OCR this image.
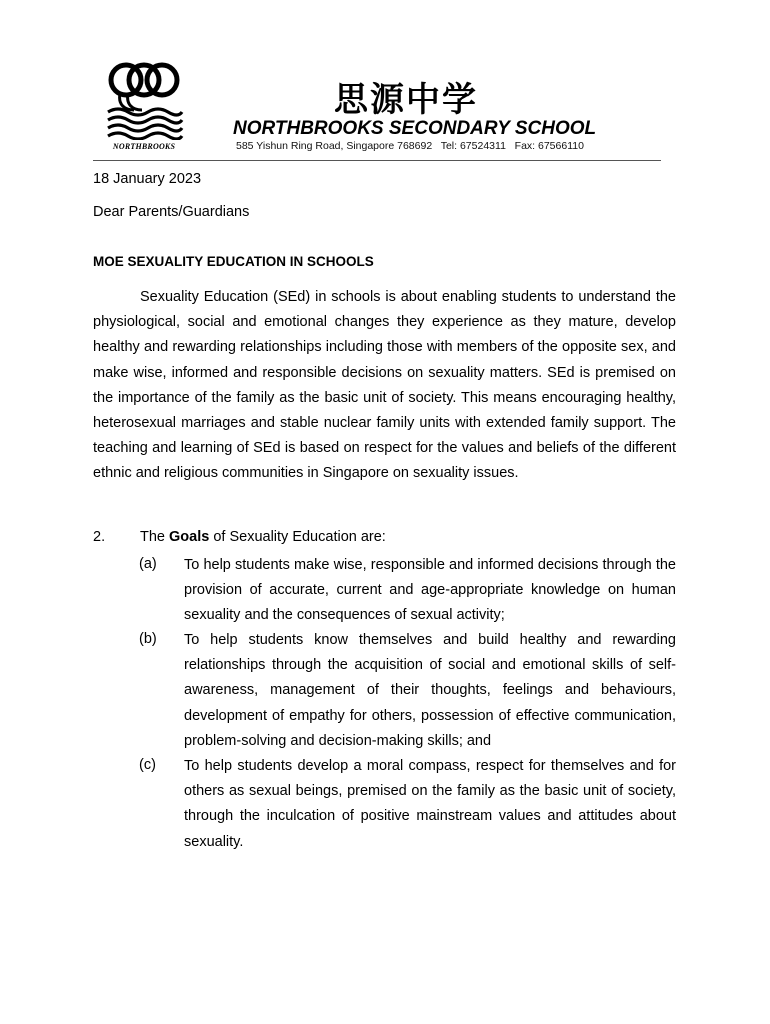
NORTHBROOKS
思源中学
NORTHBROOKS SECONDARY SCHOOL
585 Yishun Ring Road, Singapore 768692   Tel: 67524311   Fax: 67566110
18 January 2023
Dear Parents/Guardians
MOE SEXUALITY EDUCATION IN SCHOOLS

Sexuality Education (SEd) in schools is about enabling students to understand the physiological, social and emotional changes they experience as they mature, develop healthy and rewarding relationships including those with members of the opposite sex, and make wise, informed and responsible decisions on sexuality matters. SEd is premised on the importance of the family as the basic unit of society. This means encouraging healthy, heterosexual marriages and stable nuclear family units with extended family support. The teaching and learning of SEd is based on respect for the values and beliefs of the different ethnic and religious communities in Singapore on sexuality issues.

2. The Goals of Sexuality Education are:
(a) To help students make wise, responsible and informed decisions through the provision of accurate, current and age-appropriate knowledge on human sexuality and the consequences of sexual activity;

(b) To help students know themselves and build healthy and rewarding relationships through the acquisition of social and emotional skills of self-awareness, management of their thoughts, feelings and behaviours, development of empathy for others, possession of effective communication, problem-solving and decision-making skills; and

(c) To help students develop a moral compass, respect for themselves and for others as sexual beings, premised on the family as the basic unit of society, through the inculcation of positive mainstream values and attitudes about sexuality.
